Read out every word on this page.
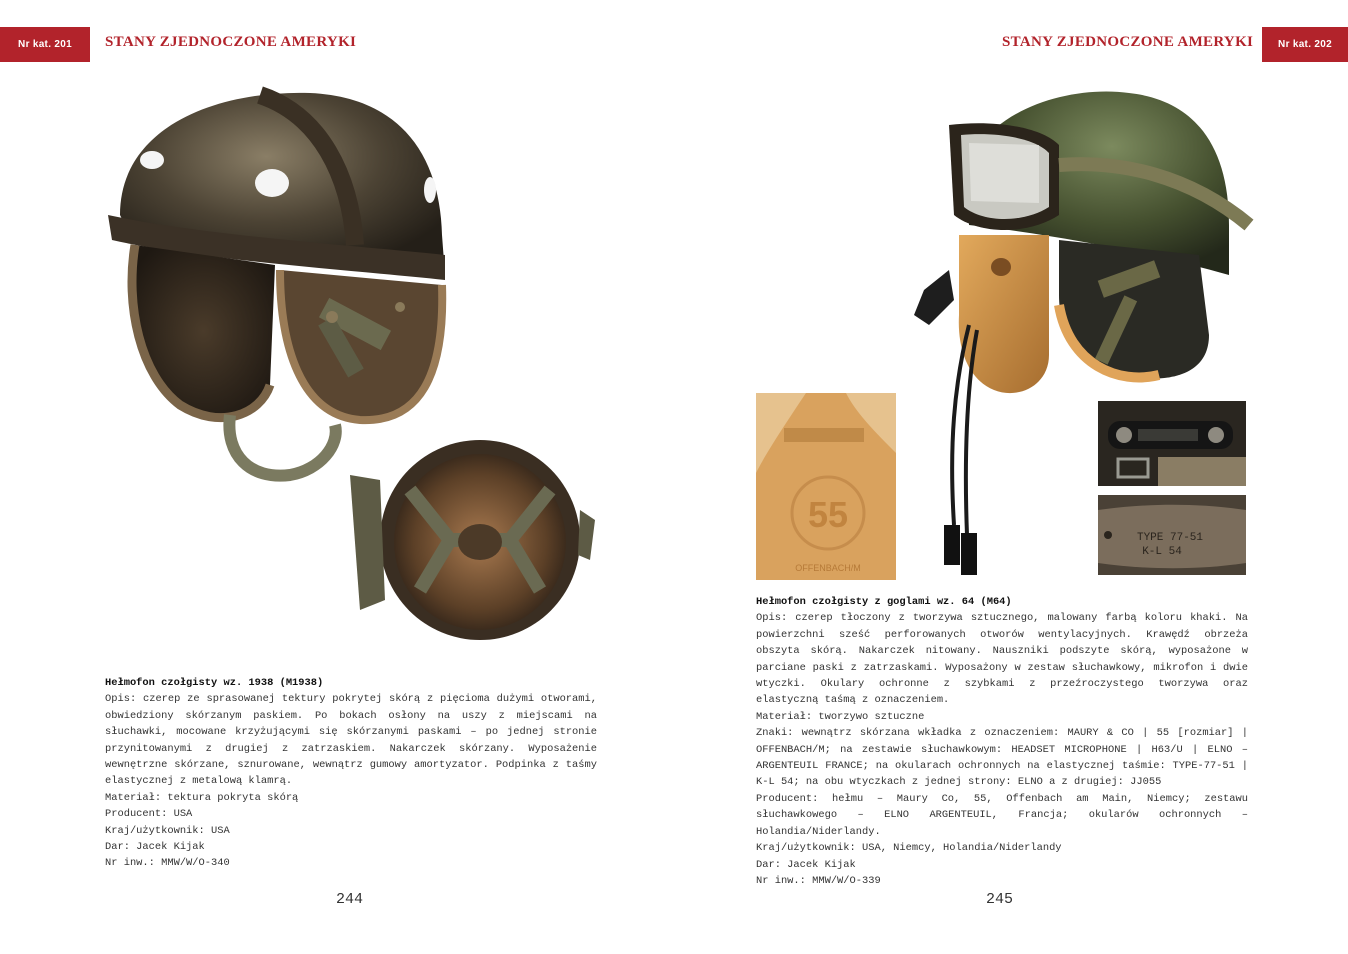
Nr kat. 201	STANY ZJEDNOCZONE AMERYKI
Hełmofon czołgisty wz. 1938 (M1938)

Opis: czerep ze sprasowanej tektury pokrytej skórą z pięcioma dużymi otworami, obwiedziony skórzanym paskiem. Po bokach osłony na uszy z miejscami na słuchawki, mocowane krzyżującymi się skórzanymi paskami – po jednej stronie przynitowanymi z drugiej z zatrzaskiem. Nakarczek skórzany. Wyposażenie wewnętrzne skórzane, sznurowane, wewnątrz gumowy amortyzator. Podpinka z taśmy elastycznej z metalową klamrą.

Materiał: tektura pokryta skórą
Producent: USA
Kraj/użytkownik: USA
Dar: Jacek Kijak
Nr inw.: MMW/W/O-340
244
STANY ZJEDNOCZONE AMERYKI	Nr kat. 202
55
OFFENBACH/M
TYPE 77-51
K-L 54
Hełmofon czołgisty z goglami wz. 64 (M64)

Opis: czerep tłoczony z tworzywa sztucznego, malowany farbą koloru khaki. Na powierzchni sześć perforowanych otworów wentylacyjnych. Krawędź obrzeża obszyta skórą. Nakarczek nitowany. Nauszniki podszyte skórą, wyposażone w parciane paski z zatrzaskami. Wyposażony w zestaw słuchawkowy, mikrofon i dwie wtyczki. Okulary ochronne z szybkami z przeźroczystego tworzywa oraz elastyczną taśmą z oznaczeniem.

Materiał: tworzywo sztuczne

Znaki: wewnątrz skórzana wkładka z oznaczeniem: MAURY & CO | 55 [rozmiar] | OFFENBACH/M; na zestawie słuchawkowym: HEADSET MICROPHONE | H63/U | ELNO – ARGENTEUIL FRANCE; na okularach ochronnych na elastycznej taśmie: TYPE-77-51 | K-L 54; na obu wtyczkach z jednej strony: ELNO a z drugiej: JJ055

Producent: hełmu – Maury Co, 55, Offenbach am Main, Niemcy; zestawu słuchawkowego – ELNO ARGENTEUIL, Francja; okularów ochronnych – Holandia/Niderlandy.

Kraj/użytkownik: USA, Niemcy, Holandia/Niderlandy
Dar: Jacek Kijak
Nr inw.: MMW/W/O-339
245
